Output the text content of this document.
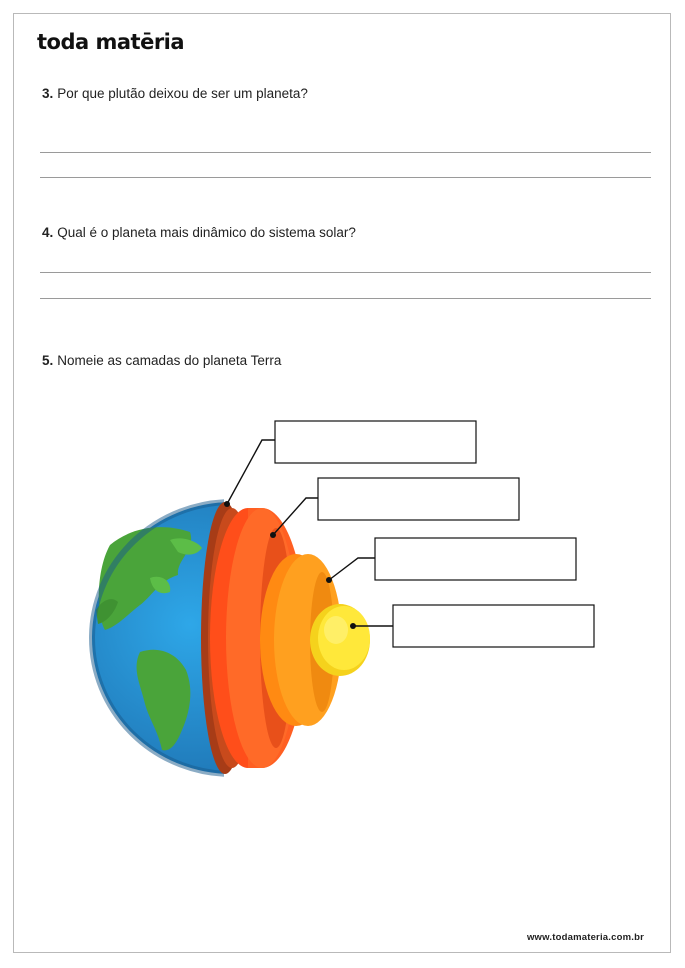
toda matēria
3. Por que plutão deixou de ser um planeta?
4. Qual é o planeta mais dinâmico do sistema solar?
5. Nomeie as camadas do planeta Terra
www.todamateria.com.br
